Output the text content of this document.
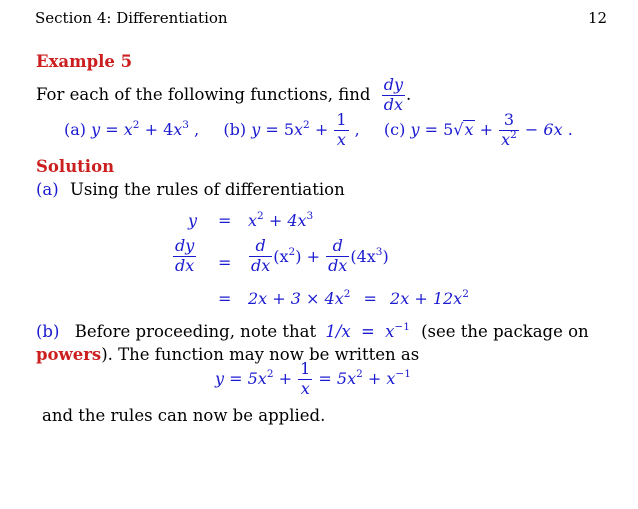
Section 4: Differentiation	12
Example 5
For each of the following functions, find $\frac{dy}{dx}$ .
(a) $y = x^2 + 4x^3$ , (b) $y = 5x^2 + \frac{1}{x}$ , (c) $y = 5√x + \frac{3}{x^2} - 6x$ .
Solution
(a) Using the rules of differentiation
$y = x^2 + 4x^3$
$\frac{dy}{dx} = \frac{d}{dx} (x^2) + \frac{d}{dx} (4x^3)$
= $2x + 3 \times 4x^2 = 2x + 12x^2$
(b) Before proceeding, note that $1/x = x^{-1}$ (see the package on
powers). The function may now be written as
$y = 5x^2 + \frac{1}{x} = 5x^2 + x^{-1}$
and the rules can now be applied.
